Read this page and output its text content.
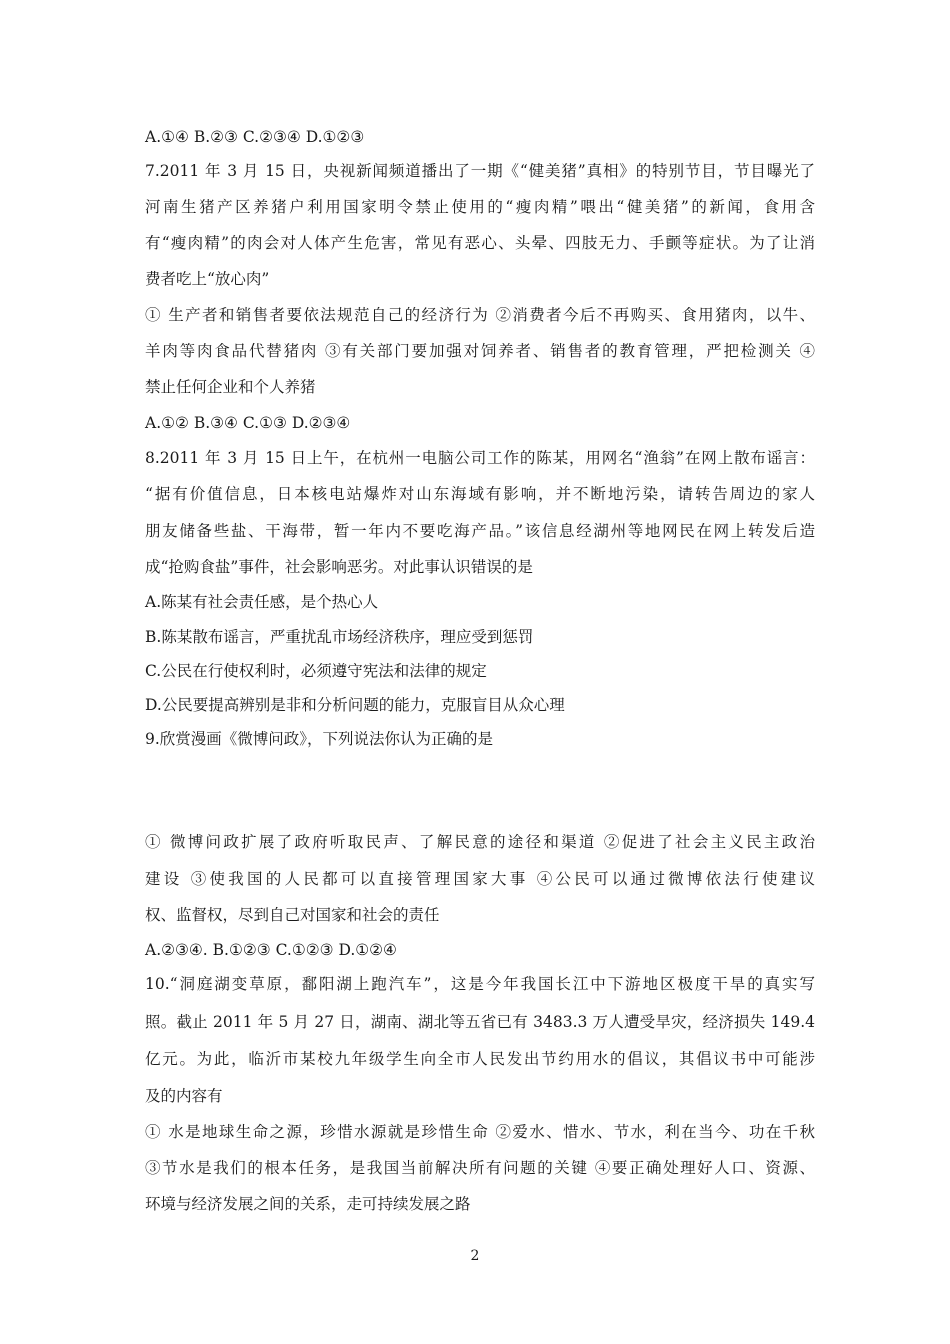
A.①④ B.②③ C.②③④ D.①②③
7.2011 年 3 月 15 日，央视新闻频道播出了一期《“健美猪”真相》的特别节目，节目曝光了
河南生猪产区养猪户利用国家明令禁止使用的“瘦肉精”喂出“健美猪”的新闻，食用含
有“瘦肉精”的肉会对人体产生危害，常见有恶心、头晕、四肢无力、手颤等症状。为了让消
费者吃上“放心肉”
① 生产者和销售者要依法规范自己的经济行为 ②消费者今后不再购买、食用猪肉，以牛、
羊肉等肉食品代替猪肉 ③有关部门要加强对饲养者、销售者的教育管理，严把检测关 ④
禁止任何企业和个人养猪
A.①② B.③④ C.①③ D.②③④
8.2011 年 3 月 15 日上午，在杭州一电脑公司工作的陈某，用网名“渔翁”在网上散布谣言：
“据有价值信息，日本核电站爆炸对山东海域有影响，并不断地污染，请转告周边的家人
朋友储备些盐、干海带，暂一年内不要吃海产品。”该信息经湖州等地网民在网上转发后造
成“抢购食盐”事件，社会影响恶劣。对此事认识错误的是
A.陈某有社会责任感，是个热心人
B.陈某散布谣言，严重扰乱市场经济秩序，理应受到惩罚
C.公民在行使权利时，必须遵守宪法和法律的规定
D.公民要提高辨别是非和分析问题的能力，克服盲目从众心理
9.欣赏漫画《微博问政》，下列说法你认为正确的是
① 微博问政扩展了政府听取民声、了解民意的途径和渠道 ②促进了社会主义民主政治
建设 ③使我国的人民都可以直接管理国家大事 ④公民可以通过微博依法行使建议
权、监督权，尽到自己对国家和社会的责任
A.②③④. B.①②③ C.①②③ D.①②④
10.“洞庭湖变草原，鄱阳湖上跑汽车”，这是今年我国长江中下游地区极度干旱的真实写
照。截止 2011 年 5 月 27 日，湖南、湖北等五省已有 3483.3 万人遭受旱灾，经济损失 149.4
亿元。为此，临沂市某校九年级学生向全市人民发出节约用水的倡议，其倡议书中可能涉
及的内容有
① 水是地球生命之源，珍惜水源就是珍惜生命 ②爱水、惜水、节水，利在当今、功在千秋
③节水是我们的根本任务，是我国当前解决所有问题的关键 ④要正确处理好人口、资源、
环境与经济发展之间的关系，走可持续发展之路
2
